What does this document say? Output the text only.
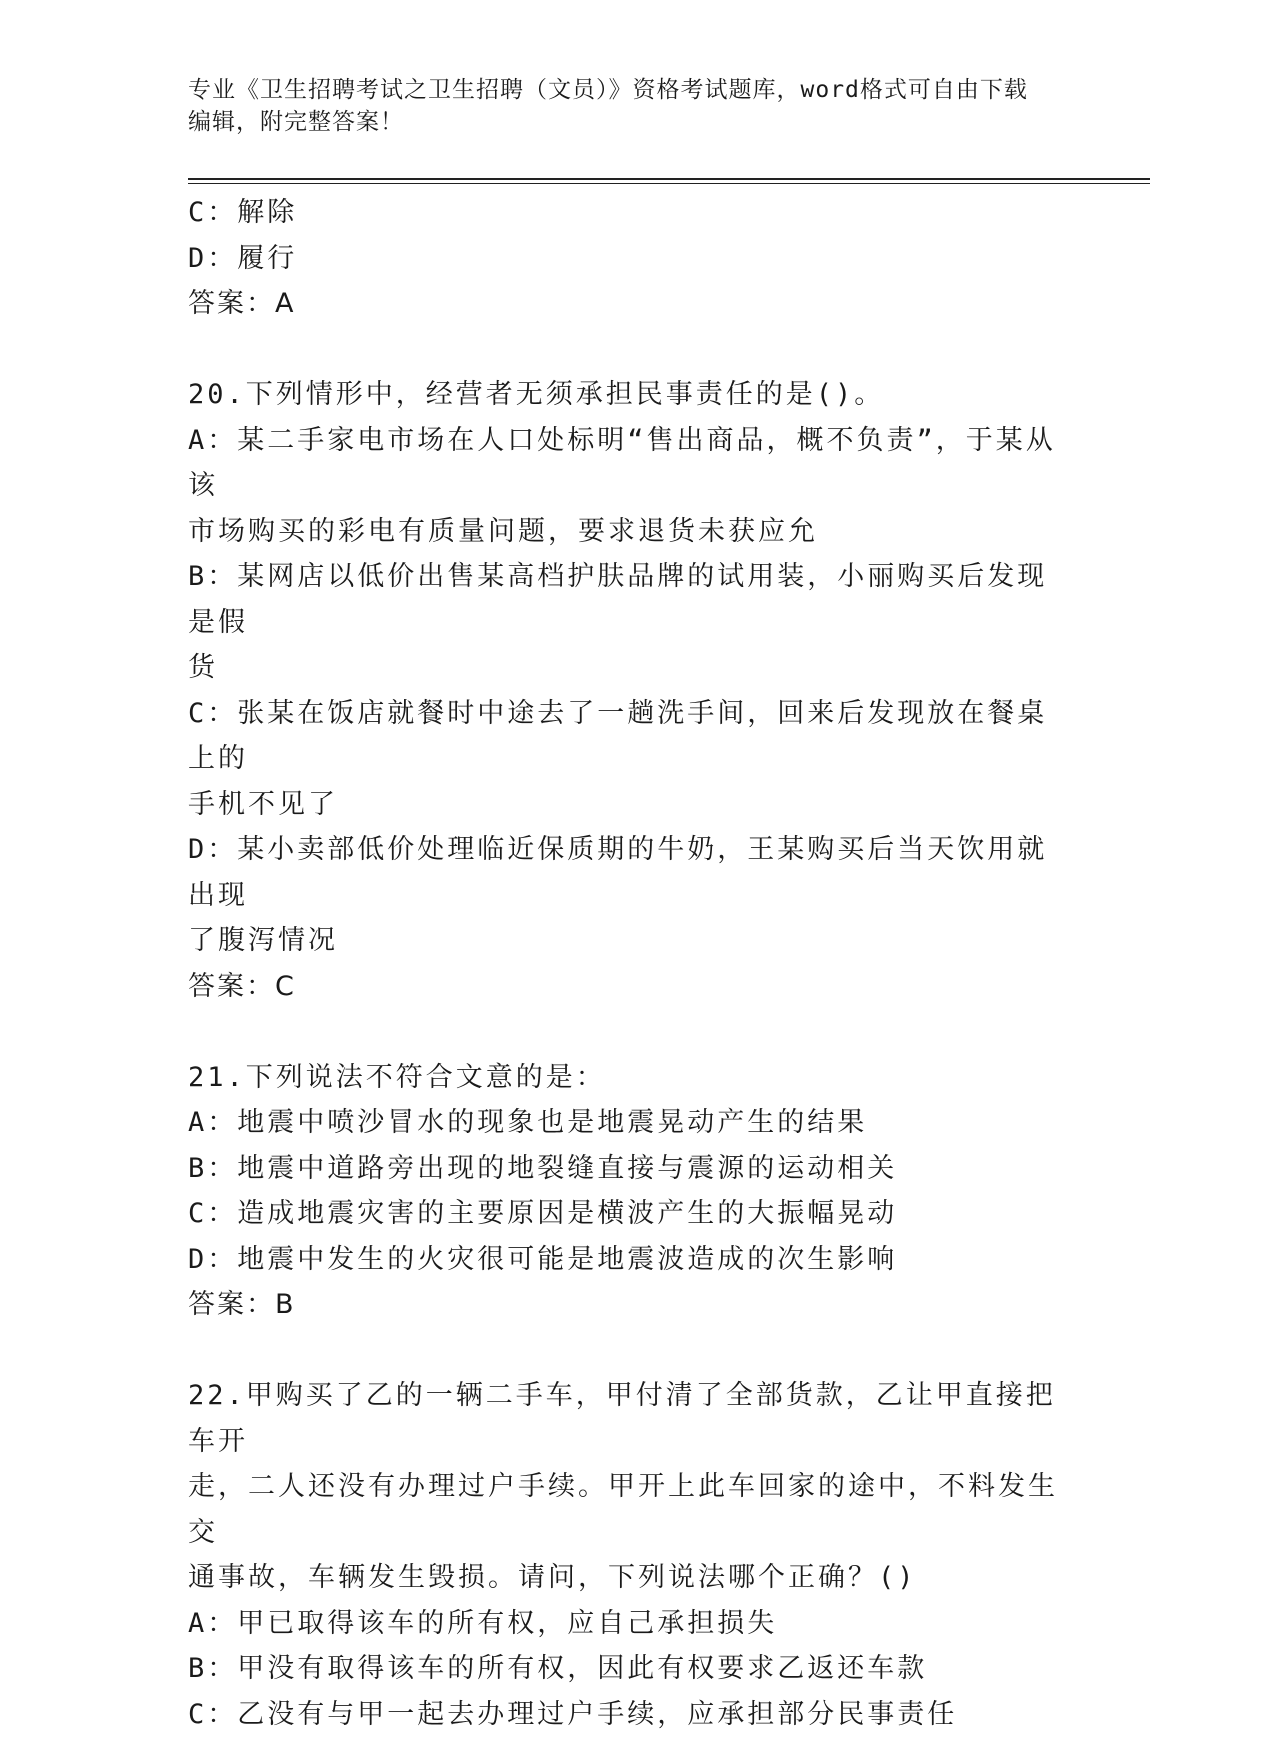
专业《卫生招聘考试之卫生招聘（文员）》资格考试题库，word格式可自由下载
编辑，附完整答案！
C：解除
D：履行
答案：A
20.下列情形中，经营者无须承担民事责任的是()。
A：某二手家电市场在人口处标明“售出商品，概不负责”，于某从该
市场购买的彩电有质量问题，要求退货未获应允
B：某网店以低价出售某高档护肤品牌的试用装，小丽购买后发现是假
货
C：张某在饭店就餐时中途去了一趟洗手间，回来后发现放在餐桌上的
手机不见了
D：某小卖部低价处理临近保质期的牛奶，王某购买后当天饮用就出现
了腹泻情况
答案：C
21.下列说法不符合文意的是：
A：地震中喷沙冒水的现象也是地震晃动产生的结果
B：地震中道路旁出现的地裂缝直接与震源的运动相关
C：造成地震灾害的主要原因是横波产生的大振幅晃动
D：地震中发生的火灾很可能是地震波造成的次生影响
答案：B
22.甲购买了乙的一辆二手车，甲付清了全部货款，乙让甲直接把车开
走，二人还没有办理过户手续。甲开上此车回家的途中，不料发生交
通事故，车辆发生毁损。请问，下列说法哪个正确？()
A：甲已取得该车的所有权，应自己承担损失
B：甲没有取得该车的所有权，因此有权要求乙返还车款
C：乙没有与甲一起去办理过户手续，应承担部分民事责任
